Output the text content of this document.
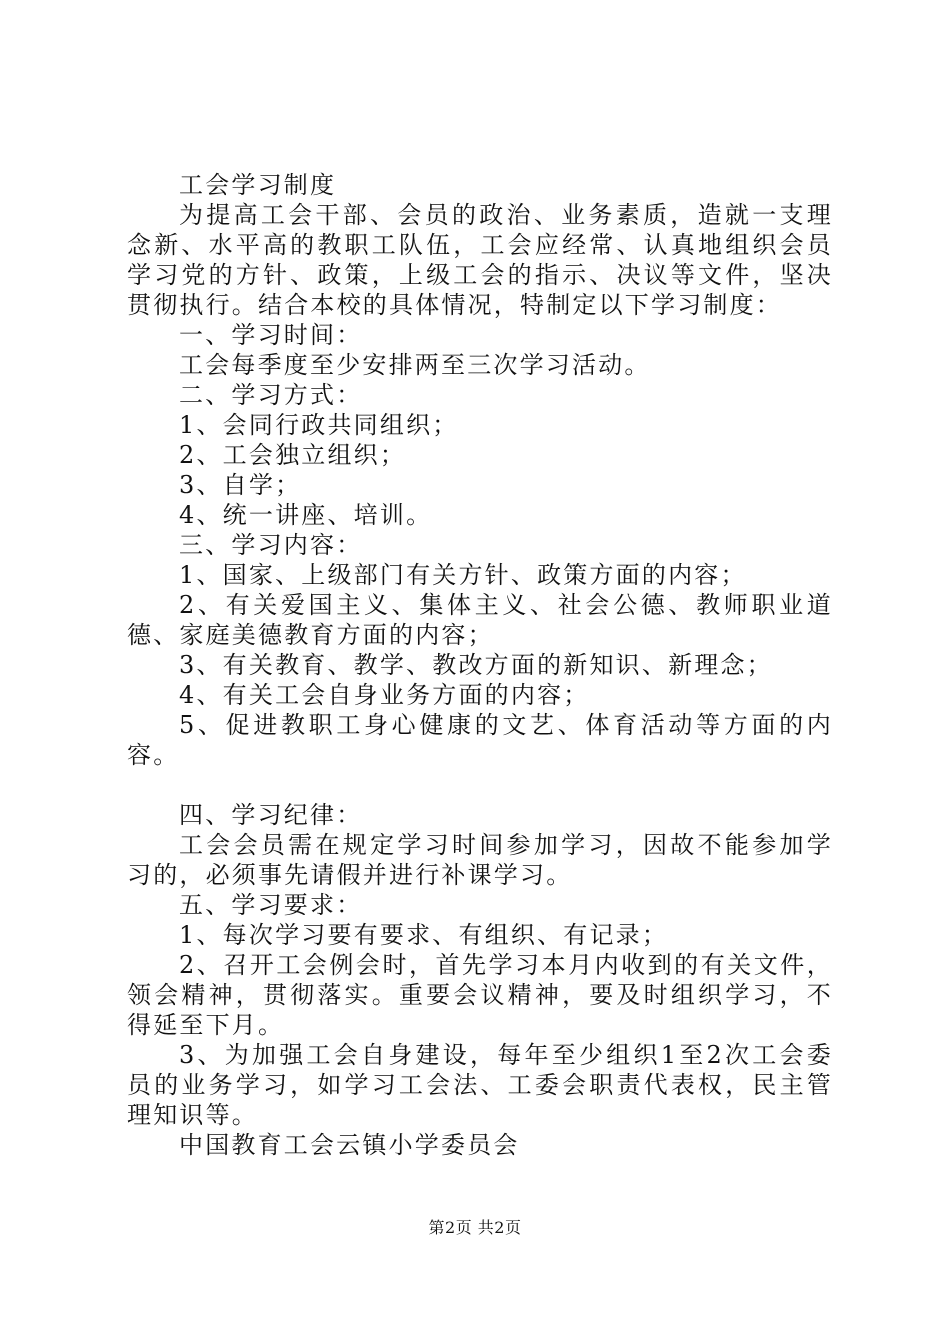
工会学习制度

为提高工会干部、会员的政治、业务素质，造就一支理念新、水平高的教职工队伍，工会应经常、认真地组织会员学习党的方针、政策，上级工会的指示、决议等文件，坚决贯彻执行。结合本校的具体情况，特制定以下学习制度：

一、学习时间：

工会每季度至少安排两至三次学习活动。

二、学习方式：

1、会同行政共同组织；

2、工会独立组织；

3、自学；

4、统一讲座、培训。

三、学习内容：

1、国家、上级部门有关方针、政策方面的内容；

2、有关爱国主义、集体主义、社会公德、教师职业道德、家庭美德教育方面的内容；

3、有关教育、教学、教改方面的新知识、新理念；

4、有关工会自身业务方面的内容；

5、促进教职工身心健康的文艺、体育活动等方面的内容。

四、学习纪律：

工会会员需在规定学习时间参加学习，因故不能参加学习的，必须事先请假并进行补课学习。

五、学习要求：

1、每次学习要有要求、有组织、有记录；

2、召开工会例会时，首先学习本月内收到的有关文件，领会精神，贯彻落实。重要会议精神，要及时组织学习，不得延至下月。

3、为加强工会自身建设，每年至少组织1至2次工会委员的业务学习，如学习工会法、工委会职责代表权，民主管理知识等。

中国教育工会云镇小学委员会

第2页 共2页
